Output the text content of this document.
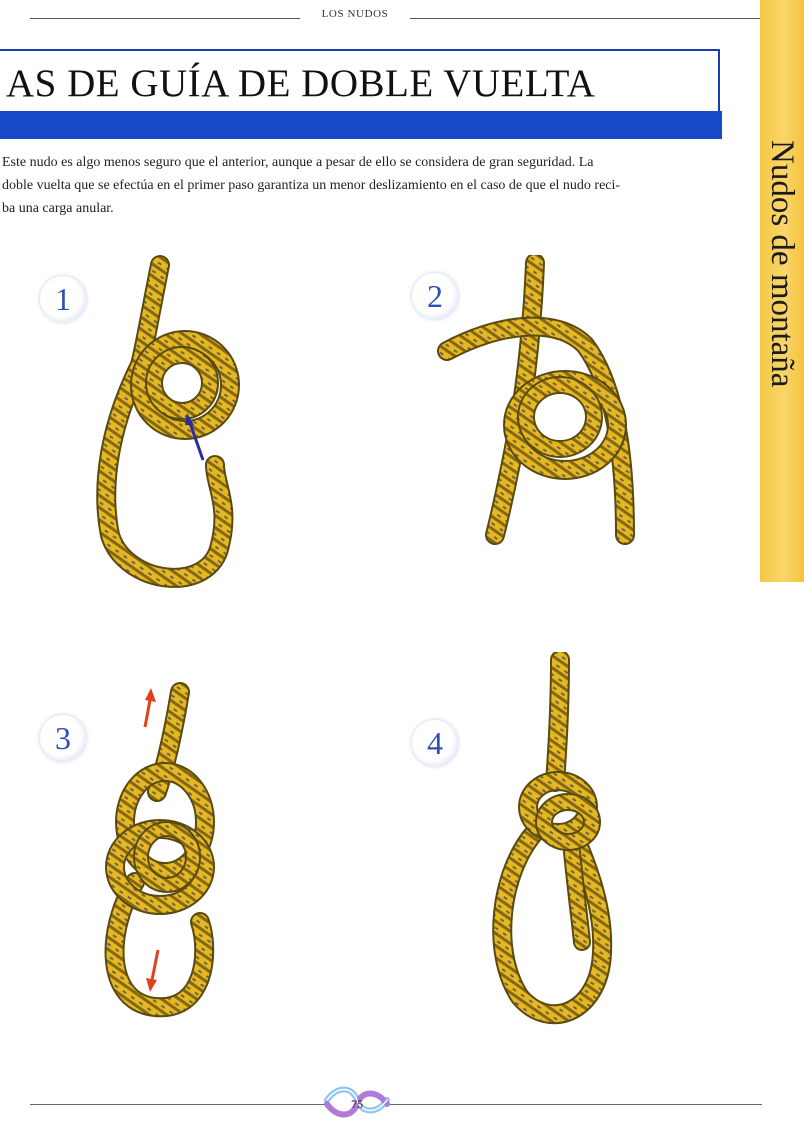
LOS NUDOS
AS DE GUÍA DE DOBLE VUELTA

Este nudo es algo menos seguro que el anterior, aunque a pesar de ello se considera de gran seguridad. La
doble vuelta que se efectúa en el primer paso garantiza un menor deslizamiento en el caso de que el nudo reci-
ba una carga anular.	Nudos de montaña
1	2
3	4
75
